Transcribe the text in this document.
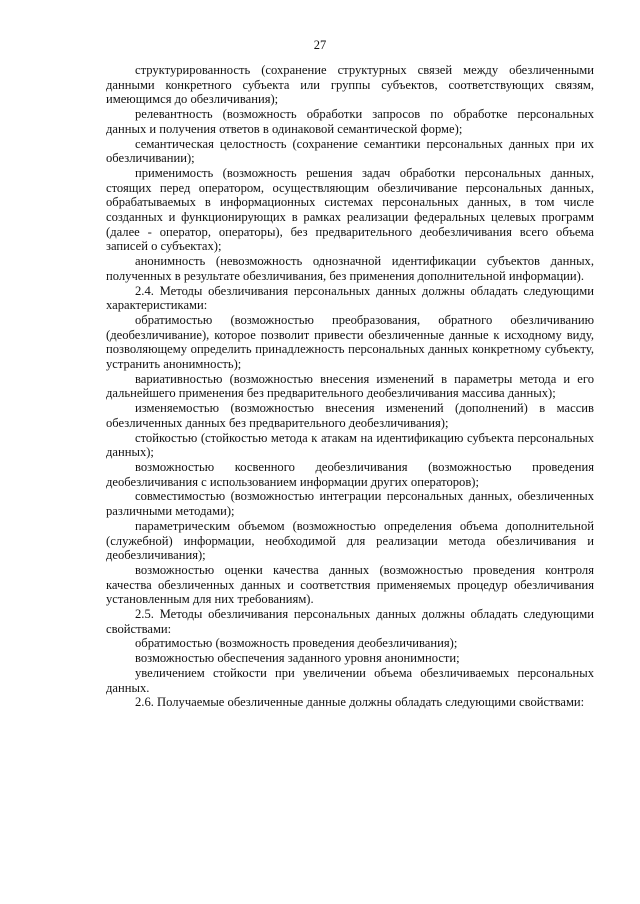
27

структурированность (сохранение структурных связей между обезличенными данными конкретного субъекта или группы субъектов, соответствующих связям, имеющимся до обезличивания);

релевантность (возможность обработки запросов по обработке персональных данных и получения ответов в одинаковой семантической форме);

семантическая целостность (сохранение семантики персональных данных при их обезличивании);

применимость (возможность решения задач обработки персональных данных, стоящих перед оператором, осуществляющим обезличивание персональных данных, обрабатываемых в информационных системах персональных данных, в том числе созданных и функционирующих в рамках реализации федеральных целевых программ (далее - оператор, операторы), без предварительного деобезличивания всего объема записей о субъектах);

анонимность (невозможность однозначной идентификации субъектов данных, полученных в результате обезличивания, без применения дополнительной информации).

2.4. Методы обезличивания персональных данных должны обладать следующими характеристиками:

обратимостью (возможностью преобразования, обратного обезличиванию (деобезличивание), которое позволит привести обезличенные данные к исходному виду, позволяющему определить принадлежность персональных данных конкретному субъекту, устранить анонимность);

вариативностью (возможностью внесения изменений в параметры метода и его дальнейшего применения без предварительного деобезличивания массива данных);

изменяемостью (возможностью внесения изменений (дополнений) в массив обезличенных данных без предварительного деобезличивания);

стойкостью (стойкостью метода к атакам на идентификацию субъекта персональных данных);

возможностью косвенного деобезличивания (возможностью проведения деобезличивания с использованием информации других операторов);

совместимостью (возможностью интеграции персональных данных, обезличенных различными методами);

параметрическим объемом (возможностью определения объема дополнительной (служебной) информации, необходимой для реализации метода обезличивания и деобезличивания);

возможностью оценки качества данных (возможностью проведения контроля качества обезличенных данных и соответствия применяемых процедур обезличивания установленным для них требованиям).

2.5. Методы обезличивания персональных данных должны обладать следующими свойствами:

обратимостью (возможность проведения деобезличивания);

возможностью обеспечения заданного уровня анонимности;

увеличением стойкости при увеличении объема обезличиваемых персональных данных.

2.6. Получаемые обезличенные данные должны обладать следующими свойствами:
